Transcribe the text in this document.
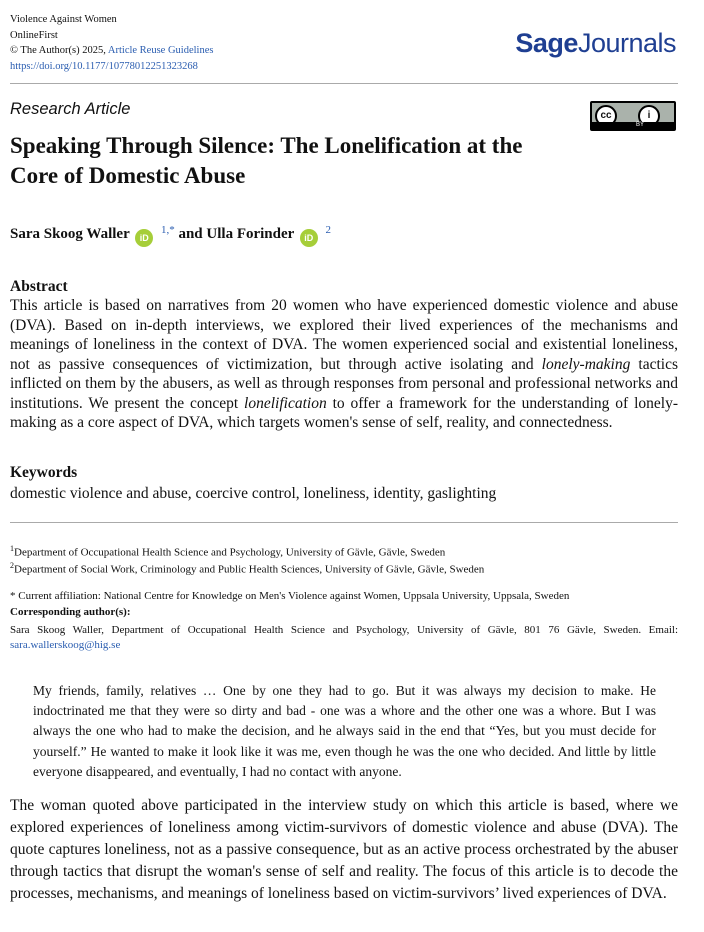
Violence Against Women
OnlineFirst
© The Author(s) 2025, Article Reuse Guidelines
https://doi.org/10.1177/10778012251323268
SageJournals
Research Article	cc	i
BY
Speaking Through Silence: The Lonelification at the Core of Domestic Abuse
Sara Skoog Waller iD $^{1,*}$ and Ulla Forinder iD $^2$
Abstract
This article is based on narratives from 20 women who have experienced domestic violence and abuse (DVA). Based on in-depth interviews, we explored their lived experiences of the mechanisms and meanings of loneliness in the context of DVA. The women experienced social and existential loneliness, not as passive consequences of victimization, but through active isolating and lonely-making tactics inflicted on them by the abusers, as well as through responses from personal and professional networks and institutions. We present the concept lonelification to offer a framework for the understanding of lonely-making as a core aspect of DVA, which targets women's sense of self, reality, and connectedness.
Keywords
domestic violence and abuse, coercive control, loneliness, identity, gaslighting
$^1$Department of Occupational Health Science and Psychology, University of Gävle, Gävle, Sweden
$^2$Department of Social Work, Criminology and Public Health Sciences, University of Gävle, Gävle, Sweden
* Current affiliation: National Centre for Knowledge on Men's Violence against Women, Uppsala University, Uppsala, Sweden
Corresponding author(s):
Sara Skoog Waller, Department of Occupational Health Science and Psychology, University of Gävle, 801 76 Gävle, Sweden. Email: sara.wallerskoog@hig.se
My friends, family, relatives … One by one they had to go. But it was always my decision to make. He indoctrinated me that they were so dirty and bad - one was a whore and the other one was a whore. But I was always the one who had to make the decision, and he always said in the end that “Yes, but you must decide for yourself.” He wanted to make it look like it was me, even though he was the one who decided. And little by little everyone disappeared, and eventually, I had no contact with anyone.
The woman quoted above participated in the interview study on which this article is based, where we explored experiences of loneliness among victim-survivors of domestic violence and abuse (DVA). The quote captures loneliness, not as a passive consequence, but as an active process orchestrated by the abuser through tactics that disrupt the woman's sense of self and reality. The focus of this article is to decode the processes, mechanisms, and meanings of loneliness based on victim-survivors’ lived experiences of DVA.
